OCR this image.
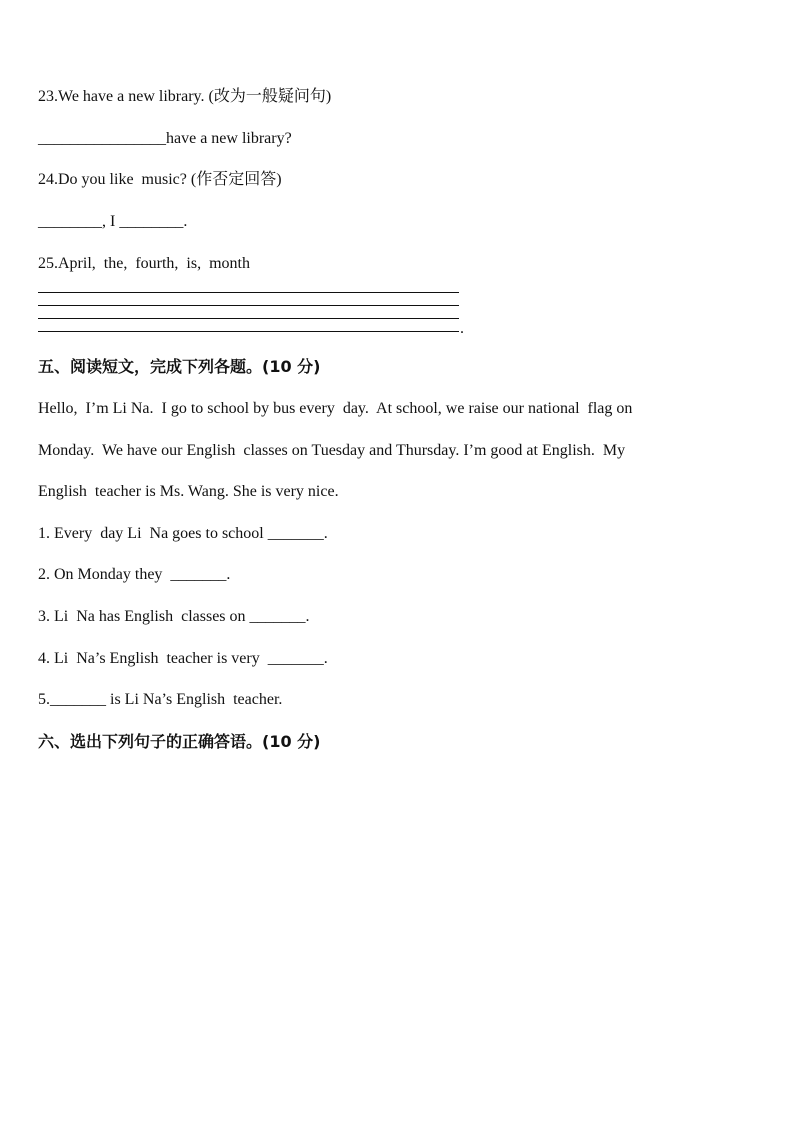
23.We have a new library. (改为一般疑问句)
________________have a new library?
24.Do you like  music? (作否定回答)
________, I ________.
25.April,  the,  fourth,  is,  month
.
五、阅读短文，完成下列各题。(10 分)
Hello,  I’m Li Na.  I go to school by bus every  day.  At school, we raise our national  flag on
Monday.  We have our English  classes on Tuesday and Thursday. I’m good at English.  My
English  teacher is Ms. Wang. She is very nice.
1. Every  day Li  Na goes to school _______.
2. On Monday they  _______.
3. Li  Na has English  classes on _______.
4. Li  Na’s English  teacher is very  _______.
5._______ is Li Na’s English  teacher.
六、选出下列句子的正确答语。(10 分)
